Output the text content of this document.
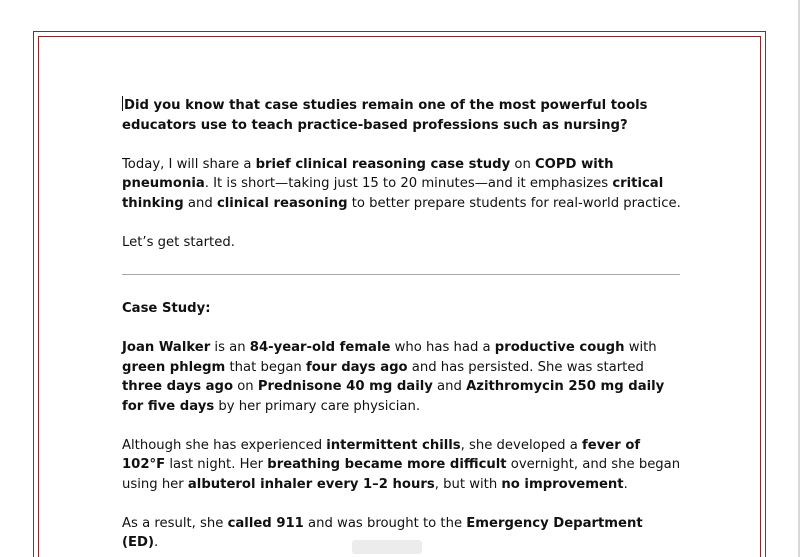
Did you know that case studies remain one of the most powerful tools educators use to teach practice-based professions such as nursing?

Today, I will share a brief clinical reasoning case study on COPD with pneumonia. It is short—taking just 15 to 20 minutes—and it emphasizes critical thinking and clinical reasoning to better prepare students for real-world practice.

Let’s get started.

Case Study:

Joan Walker is an 84-year-old female who has had a productive cough with green phlegm that began four days ago and has persisted. She was started three days ago on Prednisone 40 mg daily and Azithromycin 250 mg daily for five days by her primary care physician.

Although she has experienced intermittent chills, she developed a fever of 102°F last night. Her breathing became more difficult overnight, and she began using her albuterol inhaler every 1–2 hours, but with no improvement.

As a result, she called 911 and was brought to the Emergency Department (ED).
